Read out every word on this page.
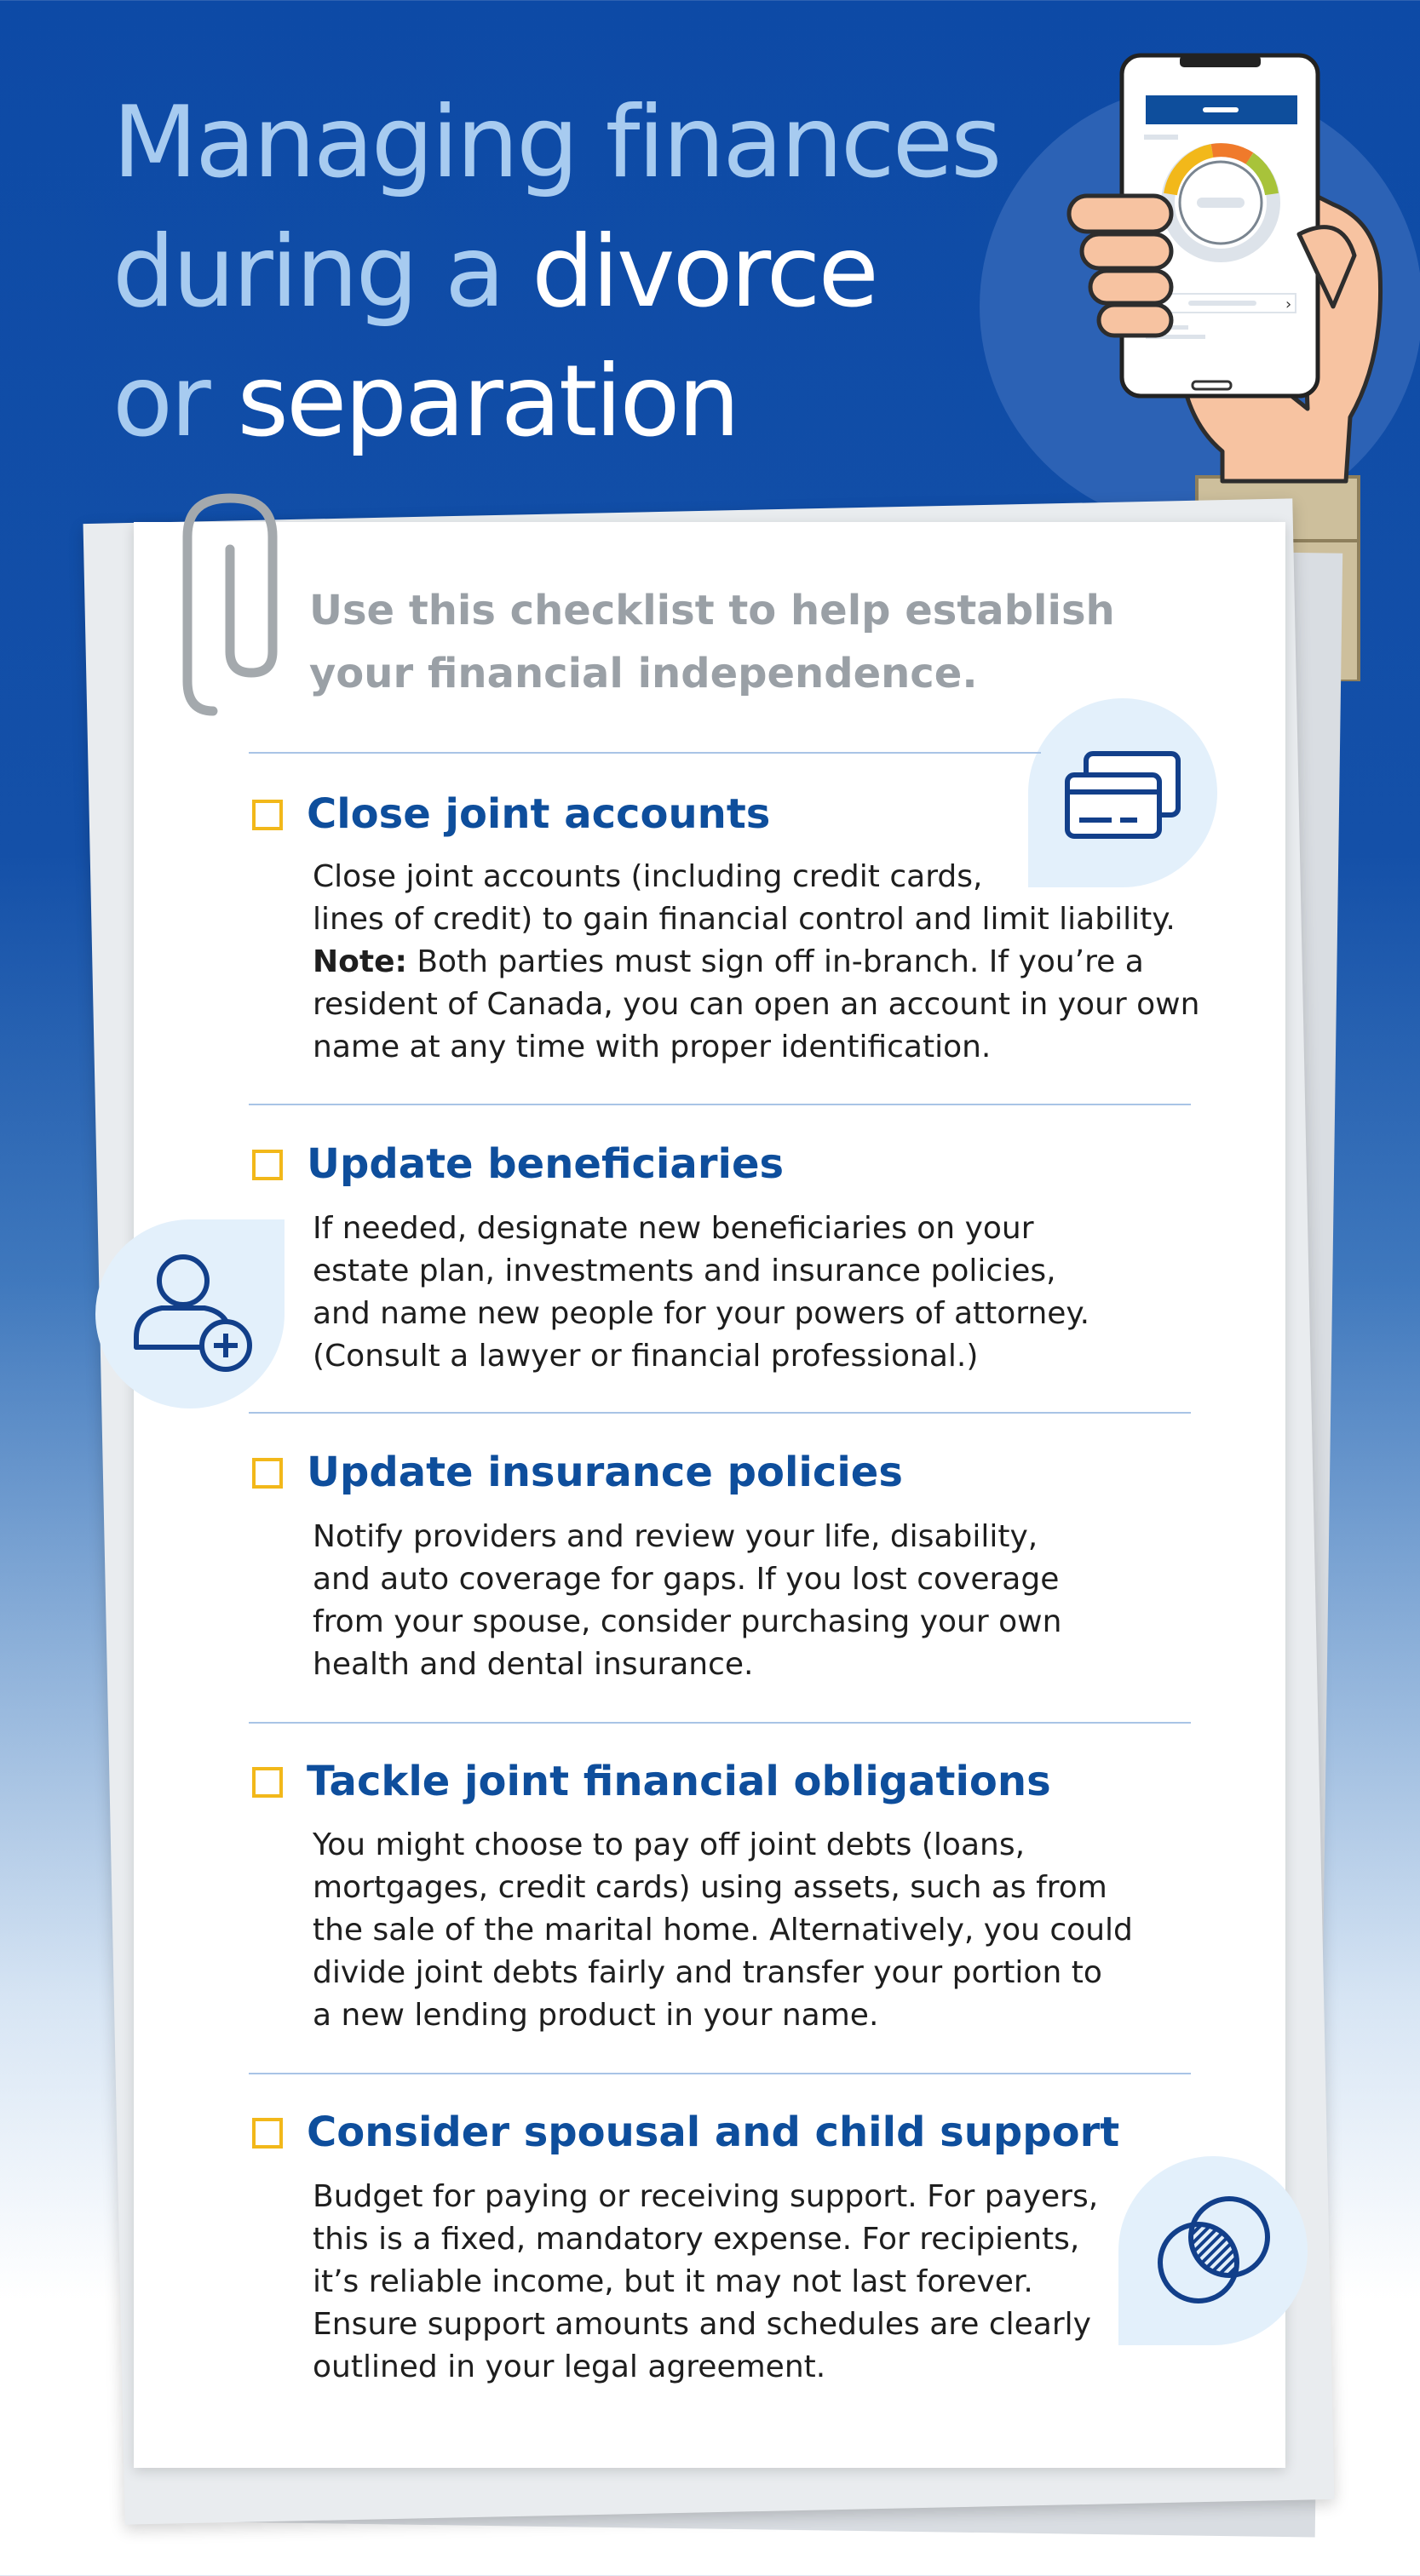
Managing finances
during a divorce
or separation
›

Use this checklist to help establish
your financial independence.

Close joint accounts

Close joint accounts (including credit cards,
lines of credit) to gain financial control and limit liability.
Note: Both parties must sign off in-branch. If you’re a
resident of Canada, you can open an account in your own
name at any time with proper identification.

Update beneficiaries

If needed, designate new beneficiaries on your
estate plan, investments and insurance policies,
and name new people for your powers of attorney.
(Consult a lawyer or financial professional.)

Update insurance policies

Notify providers and review your life, disability,
and auto coverage for gaps. If you lost coverage
from your spouse, consider purchasing your own
health and dental insurance.

Tackle joint financial obligations

You might choose to pay off joint debts (loans,
mortgages, credit cards) using assets, such as from
the sale of the marital home. Alternatively, you could
divide joint debts fairly and transfer your portion to
a new lending product in your name.

Consider spousal and child support

Budget for paying or receiving support. For payers,
this is a fixed, mandatory expense. For recipients,
it’s reliable income, but it may not last forever.
Ensure support amounts and schedules are clearly
outlined in your legal agreement.
